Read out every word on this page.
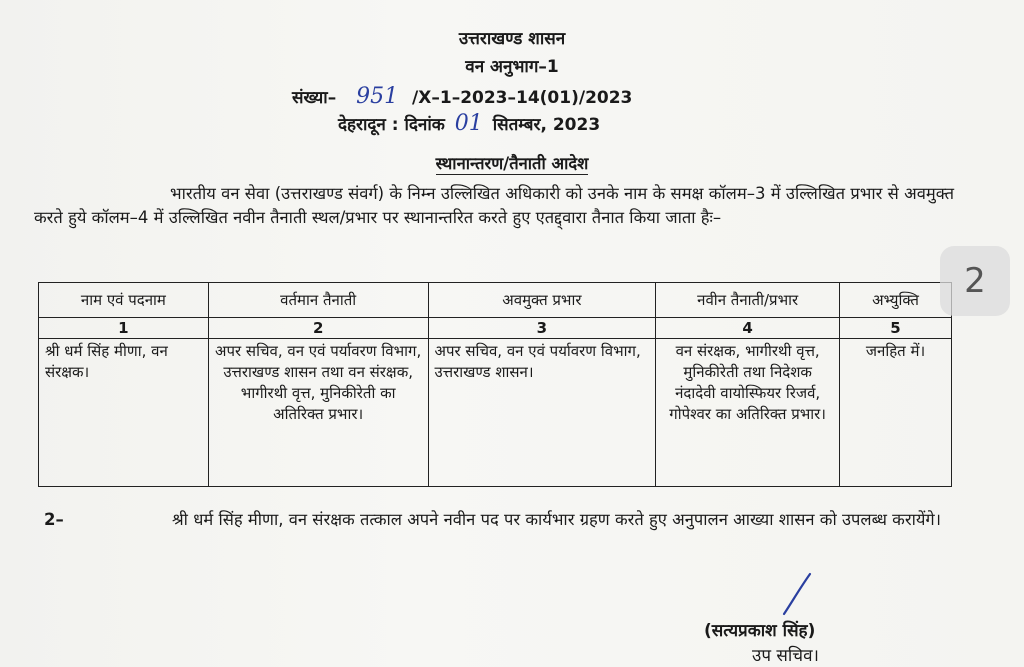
उत्तराखण्ड शासन
वन अनुभाग–1
संख्या– 951 /X–1–2023–14(01)/2023
देहरादून : दिनांक 01 सितम्बर, 2023
स्थानान्तरण/तैनाती आदेश
भारतीय वन सेवा (उत्तराखण्ड संवर्ग) के निम्न उल्लिखित अधिकारी को उनके नाम के समक्ष कॉलम–3 में उल्लिखित प्रभार से अवमुक्त करते हुये कॉलम–4 में उल्लिखित नवीन तैनाती स्थल/प्रभार पर स्थानान्तरित करते हुए एतद्द्वारा तैनात किया जाता हैः–
नाम एवं पदनाम	वर्तमान तैनाती	अवमुक्त प्रभार	नवीन तैनाती/प्रभार	अभ्युक्ति
1	2	3	4	5
श्री धर्म सिंह मीणा, वन संरक्षक।	अपर सचिव, वन एवं पर्यावरण विभाग, उत्तराखण्ड शासन तथा वन संरक्षक, भागीरथी वृत्त, मुनिकीरेती का अतिरिक्त प्रभार।	अपर सचिव, वन एवं पर्यावरण विभाग, उत्तराखण्ड शासन।	वन संरक्षक, भागीरथी वृत्त, मुनिकीरेती तथा निदेशक नंदादेवी वायोस्फियर रिजर्व, गोपेश्वर का अतिरिक्त प्रभार।	जनहित में।
2–	श्री धर्म सिंह मीणा, वन संरक्षक तत्काल अपने नवीन पद पर कार्यभार ग्रहण करते हुए अनुपालन आख्या शासन को उपलब्ध करायेंगे।
(सत्यप्रकाश सिंह)
उप सचिव।
2
